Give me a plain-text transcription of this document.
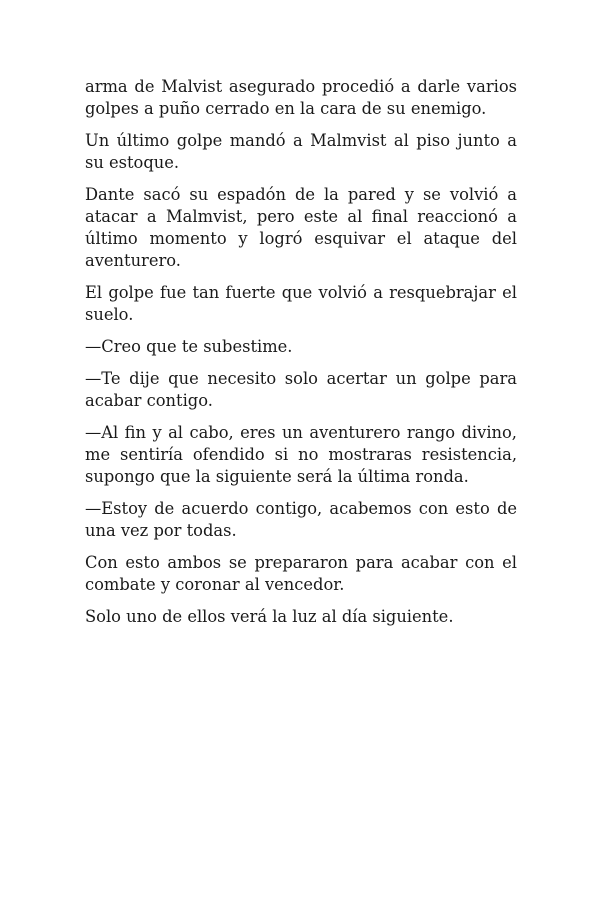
arma de Malvist asegurado procedió a darle varios golpes a puño cerrado en la cara de su enemigo.

Un último golpe mandó a Malmvist al piso junto a su estoque.

Dante sacó su espadón de la pared y se volvió a atacar a Malmvist, pero este al final reaccionó a último momento y logró esquivar el ataque del aventurero.

El golpe fue tan fuerte que volvió a resquebrajar el suelo.

—Creo que te subestime.

—Te dije que necesito solo acertar un golpe para acabar contigo.

—Al fin y al cabo, eres un aventurero rango divino, me sentiría ofendido si no mostraras resistencia, supongo que la siguiente será la última ronda.

—Estoy de acuerdo contigo, acabemos con esto de una vez por todas.

Con esto ambos se prepararon para acabar con el combate y coronar al vencedor.

Solo uno de ellos verá la luz al día siguiente.
